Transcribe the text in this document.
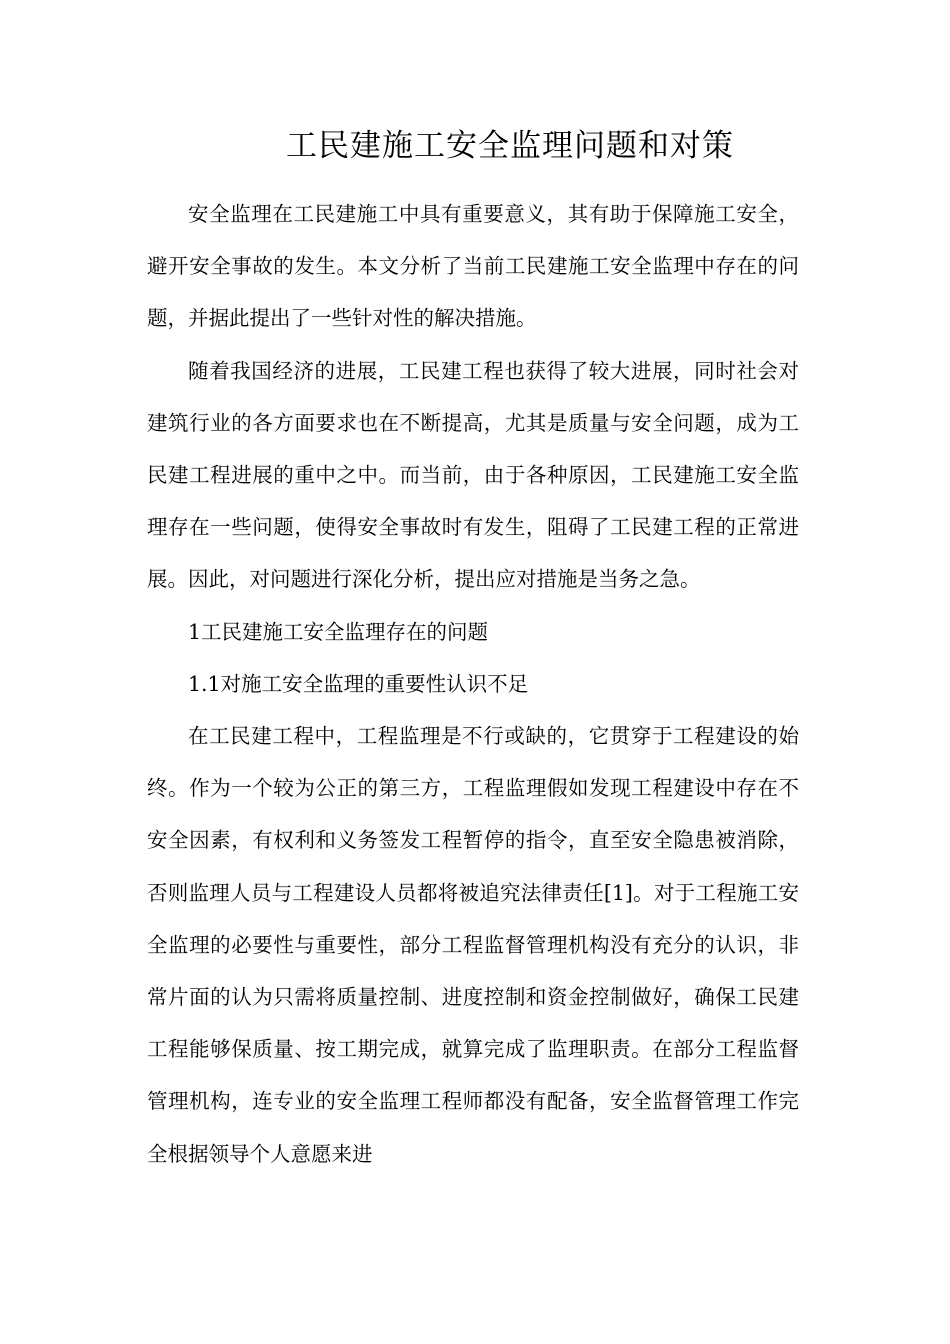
工民建施工安全监理问题和对策

安全监理在工民建施工中具有重要意义，其有助于保障施工安全，避开安全事故的发生。本文分析了当前工民建施工安全监理中存在的问题，并据此提出了一些针对性的解决措施。

随着我国经济的进展，工民建工程也获得了较大进展，同时社会对建筑行业的各方面要求也在不断提高，尤其是质量与安全问题，成为工民建工程进展的重中之中。而当前，由于各种原因，工民建施工安全监理存在一些问题，使得安全事故时有发生，阻碍了工民建工程的正常进展。因此，对问题进行深化分析，提出应对措施是当务之急。

1工民建施工安全监理存在的问题

1.1对施工安全监理的重要性认识不足

在工民建工程中，工程监理是不行或缺的，它贯穿于工程建设的始终。作为一个较为公正的第三方，工程监理假如发现工程建设中存在不安全因素，有权利和义务签发工程暂停的指令，直至安全隐患被消除，否则监理人员与工程建设人员都将被追究法律责任[1]。对于工程施工安全监理的必要性与重要性，部分工程监督管理机构没有充分的认识，非常片面的认为只需将质量控制、进度控制和资金控制做好，确保工民建工程能够保质量、按工期完成，就算完成了监理职责。在部分工程监督管理机构，连专业的安全监理工程师都没有配备，安全监督管理工作完全根据领导个人意愿来进
